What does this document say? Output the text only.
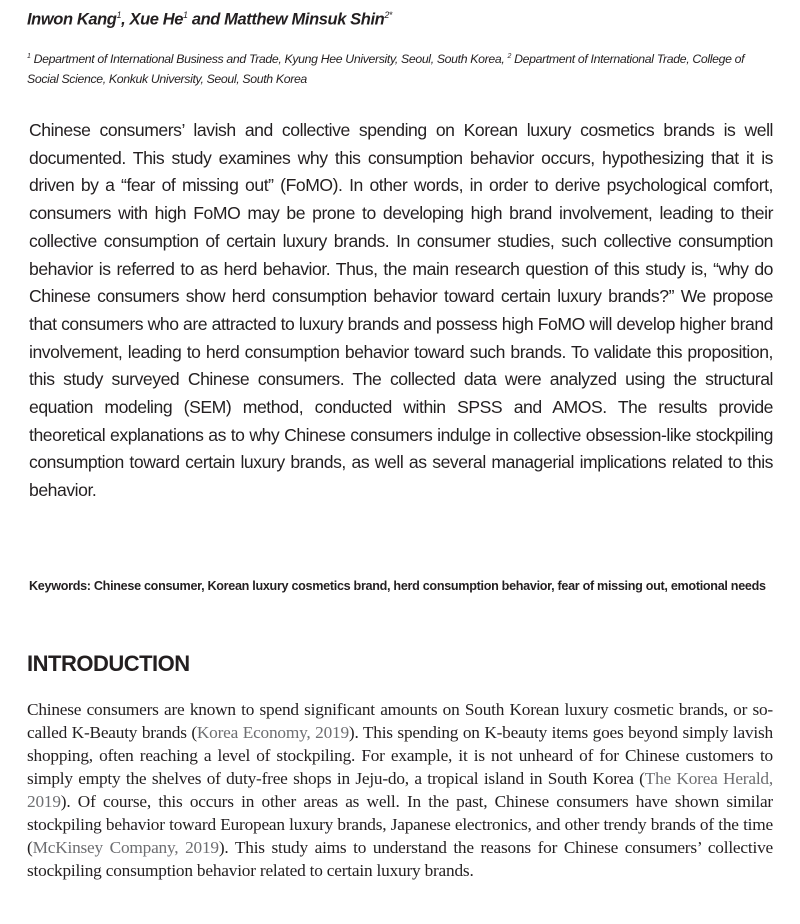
Inwon Kang$^1$, Xue He$^1$ and Matthew Minsuk Shin$^{2*}$
$^1$ Department of International Business and Trade, Kyung Hee University, Seoul, South Korea, $^2$ Department of International Trade, College of Social Science, Konkuk University, Seoul, South Korea

Chinese consumers’ lavish and collective spending on Korean luxury cosmetics brands is well documented. This study examines why this consumption behavior occurs, hypothesizing that it is driven by a “fear of missing out” (FoMO). In other words, in order to derive psychological comfort, consumers with high FoMO may be prone to developing high brand involvement, leading to their collective consumption of certain luxury brands. In consumer studies, such collective consumption behavior is referred to as herd behavior. Thus, the main research question of this study is, “why do Chinese consumers show herd consumption behavior toward certain luxury brands?” We propose that consumers who are attracted to luxury brands and possess high FoMO will develop higher brand involvement, leading to herd consumption behavior toward such brands. To validate this proposition, this study surveyed Chinese consumers. The collected data were analyzed using the structural equation modeling (SEM) method, conducted within SPSS and AMOS. The results provide theoretical explanations as to why Chinese consumers indulge in collective obsession-like stockpiling consumption toward certain luxury brands, as well as several managerial implications related to this behavior.

Keywords: Chinese consumer, Korean luxury cosmetics brand, herd consumption behavior, fear of missing out, emotional needs
INTRODUCTION

Chinese consumers are known to spend significant amounts on South Korean luxury cosmetic brands, or so-called K-Beauty brands (Korea Economy, 2019). This spending on K-beauty items goes beyond simply lavish shopping, often reaching a level of stockpiling. For example, it is not unheard of for Chinese customers to simply empty the shelves of duty-free shops in Jeju-do, a tropical island in South Korea (The Korea Herald, 2019). Of course, this occurs in other areas as well. In the past, Chinese consumers have shown similar stockpiling behavior toward European luxury brands, Japanese electronics, and other trendy brands of the time (McKinsey Company, 2019). This study aims to understand the reasons for Chinese consumers’ collective stockpiling consumption behavior related to certain luxury brands.
